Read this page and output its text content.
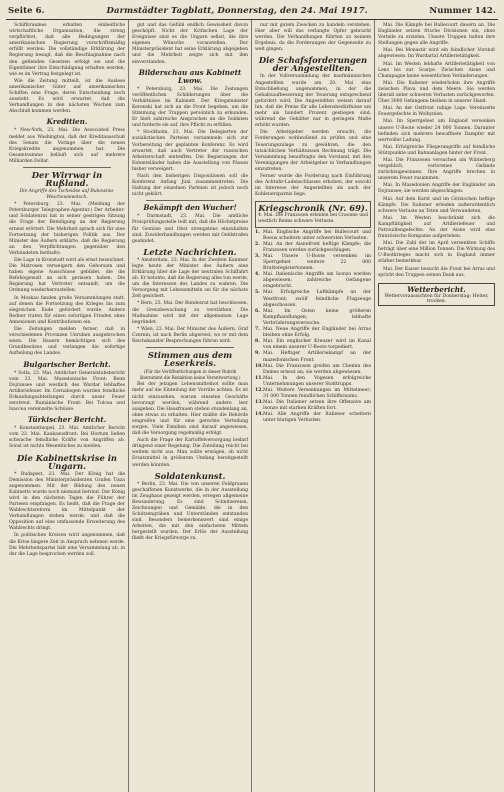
Seite 6.	Darmstädter Tagblatt, Donnerstag, den 24. Mai 1917.	Nummer 142.

Schiffsraumes erhalten einheitliche wirtschaftliche Organisation, die streng verpflichtet, daß alle Bedingungen der amerikanischen Regierung vorschriftsmäßig erfüllt werden. Die vollständige Erklärung der Regierung besagt, daß die Beschlagnahme nach den geltenden Gesetzen erfolgt sei und die Eigentümer ihre Entschädigung erhalten werden, wie es im Vertrag festgelegt ist.

Wie die Zeitung mitteilt, ist die Auslese amerikanischer Güter auf amerikanischen Schiffen eine Frage, deren Entscheidung noch aussteht. Es wird erwartet, daß die Verhandlungen in den nächsten Wochen zum Abschluß kommen werden.

Kreditien.

* New-York, 23. Mai. Die Associated Press meldet aus Washington, daß der Kreditausschuß des Senats die Vorlage über die neuen Kriegskredite angenommen hat. Die Gesamtsumme beläuft sich auf mehrere Milliarden Dollar.

Der Wirrwar in Rußland.

Die Angriffe des Tscheidse auf Bukowina-Weschewiewitsch.

* Petersburg, 23. Mai. (Meldung der Petersburger Telegraphen-Agentur.) Der Arbeiter- und Soldatenrat hat in seiner gestrigen Sitzung die Frage der Beteiligung an der Regierung erneut erörtert. Die Mehrheit sprach sich für eine Fortsetzung der bisherigen Politik aus. Der Minister des Äußern erklärte, daß die Regierung an den Verpflichtungen gegenüber den Verbündeten festhalte.

Die Lage in Kronstadt wird als ernst bezeichnet. Die Matrosen verweigern den Gehorsam und haben eigene Ausschüsse gebildet, die die Befehlsgewalt an sich gerissen haben. Die Regierung hat Vertreter entsandt, um die Ordnung wiederherzustellen.

In Moskau fanden große Versammlungen statt, auf denen die Fortsetzung des Krieges bis zum siegreichen Ende gefordert wurde. Andere Redner traten für einen sofortigen Frieden ohne Annexionen und Kontributionen ein.

Die Zeitungen melden ferner, daß in verschiedenen Provinzen Unruhen ausgebrochen seien. Die Bauern bemächtigen sich des Grundbesitzes und verlangen die sofortige Aufteilung des Landes.

Bulgarischer Bericht.

* Sofia, 23. Mai. Amtlicher Generalstabsbericht vom 23. Mai. Mazedonische Front: Beim Dojransee und westlich des Wardar lebhaftes Artilleriefeuer. Im Cernabogen wurden feindliche Erkundungsabteilungen durch unser Feuer zerstreut. Rumänische Front: Bei Tulcea und Isaccea vereinzelte Schüsse.

Türkischer Bericht.

* Konstantinopel, 23. Mai. Amtlicher Bericht vom 22. Mai. Kaukasusfront: Bei Hortum ließen schwache feindliche Kräfte von Angriffen ab. Sonst ist nichts Wesentliches zu melden.

Die Kabinettskrise in Ungarn.

* Budapest, 23. Mai. Der König hat die Demission des Ministerpräsidenten Grafen Tisza angenommen. Mit der Bildung des neuen Kabinetts wurde noch niemand betraut. Der König wird in den nächsten Tagen die Führer der Parteien empfangen. Es heißt, daß die Frage der Wahlrechtsreform im Mittelpunkt der Verhandlungen stehen werde, und daß die Opposition auf eine umfassende Erweiterung des Wahlrechts dringt.

In politischen Kreisen wird angenommen, daß die Krise längere Zeit in Anspruch nehmen werde. Die Mehrheitspartei hält eine Versammlung ab, in der die Lage besprochen werden soll.

gut und das Gefühl endlich Gewissheit davon geschöpft. Nicht der Kritischen Lage der Ereignisse sind es die Ungarn selbst, die ihre eigenen Wünsche voranstellen. Der Ministerpräsident hat seine Erklärung abgegeben und die Mehrheit zeigte sich mit ihm einverstanden.

Bilderschau aus Kabinett Lwow.

* Petersburg, 23. Mai. Die Zeitungen veröffentlichen Schilderungen über die Verhältnisse im Kabinett. Der Kriegsminister Kerenski hat sich an die Front begeben, um die Stimmung der Truppen persönlich zu erkunden. Er hielt zahlreiche Ansprachen an die Soldaten und forderte sie auf, ihre Pflicht zu erfüllen.

* Stockholm, 23. Mai. Die Delegierten der sozialistischen Parteien versammeln sich zur Vorbereitung der geplanten Konferenz. Es wird erwartet, daß auch Vertreter der russischen Arbeiterschaft eintreffen. Die Regierungen der Ententeländer haben die Ausstellung von Pässen bisher verweigert.

Nach den bisherigen Dispositionen soll die Konferenz Anfang Juni zusammentreten. Die Haltung der einzelnen Parteien ist jedoch noch nicht geklärt.

Bekämpft den Wucher!

* Darmstadt, 23. Mai. Die amtliche Preisprüfungsstelle teilt mit, daß die Höchstpreise für Gemüse und Obst strengstens einzuhalten sind. Zuwiderhandlungen werden mit Geldstrafen geahndet.

Letzte Nachrichten.

* Amsterdam, 23. Mai. In der Zweiten Kammer legte heute der Minister des Äußern eine Erklärung über die Lage der neutralen Schiffahrt ab. Er betonte, daß die Regierung alles tun werde, um die Interessen des Landes zu wahren. Die Versorgung mit Lebensmitteln sei für die nächste Zeit gesichert.

* Bern, 23. Mai. Der Bundesrat hat beschlossen, die Grenzbewachung zu verstärken. Die Maßnahme wird mit der allgemeinen Lage begründet.

* Wien, 23. Mai. Der Minister des Äußern, Graf Czernin, ist nach Berlin abgereist, wo er mit dem Reichskanzler Besprechungen führen wird.

Stimmen aus dem Leserkreis.

(Für die Veröffentlichungen in dieser Rubrik übernimmt die Redaktion keine Verantwortung.)

Bei der jetzigen Lebensmittelnot sollte man mehr auf die Einteilung der Vorräte achten. Es ist nicht einzusehen, warum einzelne Geschäfte bevorzugt werden, während andere leer ausgehen. Die Hausfrauen stehen stundenlang an, ohne etwas zu erhalten. Hier müßte die Behörde eingreifen und für eine gerechte Verteilung sorgen. Viele Familien sind darauf angewiesen, daß die Versorgung regelmäßig erfolgt.

Auch die Frage der Kartoffelversorgung bedarf dringend einer Regelung. Die Zuteilung reicht bei weitem nicht aus. Man sollte erwägen, ob nicht Ersatzmittel in größerem Umfang bereitgestellt werden könnten.

Soldatenkunst.

* Berlin, 23. Mai. Die von unseren Feldgrauen geschaffenen Kunstwerke, die in der Ausstellung im Zeughaus gezeigt werden, erregen allgemeine Bewunderung. Es sind Schnitzereien, Zeichnungen und Gemälde, die in den Schützengräben und Unterständen entstanden sind. Besonders bemerkenswert sind einige Arbeiten, die mit den einfachsten Mitteln hergestellt wurden. Der Erlös der Ausstellung fließt der Kriegsfürsorge zu.

nur mit gutem Zwecken zu handeln verstehen. Hier aber will das verlangte Opfer gebracht werden. Die Verhandlungen führten zu keinem Ergebnis, da die Forderungen der Gegenseite zu weit gingen.

Die Schafsforderungen der Angestellten.

In der Vollversammlung der kaufmännischen Angestellten wurde am 20. Mai eine Entschließung angenommen, in der die Gehaltsaufbesserung der Teuerung entsprechend gefordert wird. Die Angestellten weisen darauf hin, daß die Preise für alle Lebensbedürfnisse um mehr als hundert Prozent gestiegen sind, während die Gehälter nur in geringem Maße erhöht wurden.

Die Arbeitgeber werden ersucht, die Forderungen wohlwollend zu prüfen und eine Teuerungszulage zu gewähren, die den tatsächlichen Verhältnissen Rechnung trägt. Die Versammlung beauftragte den Vorstand, mit den Vereinigungen der Arbeitgeber in Verhandlungen einzutreten.

Ferner wurde die Forderung nach Einführung des Achtuhr-Ladenschlusses erhoben, der sowohl im Interesse der Angestellten als auch der Kohlenersparnis liege.

Kriegschronik (Nr. 69).

4. Mai. Die Franzosen erleiden bei Craonne und westlich Reims schwere Verluste.

1. Mai. Englische Angriffe bei Bullecourt und Roeux scheitern unter schwersten Verlusten.
2. Mai. An der Aisnefront heftige Kämpfe; die Franzosen werden zurückgeschlagen.
3. Mai. Unsere U-Boote versenken im Sperrgebiet weitere 22 000 Bruttoregistertonnen.
4. Mai. Italienische Angriffe am Isonzo werden abgewiesen; zahlreiche Gefangene eingebracht.
5. Mai. Erfolgreiche Luftkämpfe an der Westfront; zwölf feindliche Flugzeuge abgeschossen.
6. Mai. Im Osten keine größeren Kampfhandlungen; lebhafte Verbrüderungsversuche.
7. Mai. Neue Angriffe der Engländer bei Arras bleiben ohne Erfolg.
8. Mai. Ein englischer Kreuzer wird im Kanal von einem unserer U-Boote torpediert.
9. Mai. Heftiger Artilleriekampf an der mazedonischen Front.
10. Mai. Die Franzosen greifen am Chemin des Dames erneut an; sie werden abgewiesen.
11. Mai. In den Vogesen erfolgreiche Unternehmungen unserer Stoßtrupps.
12. Mai. Weitere Versenkungen im Mittelmeer; 31 000 Tonnen feindlichen Schiffsraums.
13. Mai. Die Italiener setzen ihre Offensive am Isonzo mit starken Kräften fort.
14. Mai. Alle Angriffe der Italiener scheitern unter blutigen Verlusten.

Mai. Die Kämpfe bei Bullecourt dauern an. Die Engländer setzen frische Divisionen ein, ohne Vorteile zu erzielen. Unsere Truppen halten ihre Stellungen gegen alle Angriffe.

Mai. Bei Monastir wird ein feindlicher Vorstoß abgewiesen. Im Wardartal Artillerietätigkeit.

Mai. Im Westen lebhafte Artillerietätigkeit von Lens bis zur Scarpe. Zwischen Aisne und Champagne keine wesentlichen Veränderungen.

Mai. Die Italiener wiederholen ihre Angriffe zwischen Plava und dem Meere. Sie werden überall unter schweren Verlusten zurückgeworfen. Über 3000 Gefangene bleiben in unserer Hand.

Mai. An der Ostfront ruhige Lage. Vereinzelte Feuergefechte in Wolhynien.

Mai. Im Sperrgebiet um England versenken unsere U-Boote wieder 24 000 Tonnen. Darunter befinden sich mehrere bewaffnete Dampfer mit wertvoller Ladung.

Mai. Erfolgreiche Fliegerangriffe auf feindliche Stützpunkte und Bahnanlagen hinter der Front.

Mai. Die Franzosen versuchen am Winterberg vergeblich, verlorenes Gelände zurückzugewinnen. Ihre Angriffe brechen in unserem Feuer zusammen.

Mai. In Mazedonien Angriffe der Engländer am Dojransee; sie werden abgeschlagen.

Mai. Auf dem Karst und im Görzischen heftige Kämpfe. Die Italiener erleiden außerordentlich schwere Verluste an Toten und Verwundeten.

Mai. Im Westen beschränkt sich die Kampftätigkeit auf Artilleriefeuer und Patrouillengefechte. An der Aisne wird eine französische Kompanie aufgerieben.

Mai. Die Zahl der im April versenkten Schiffe beträgt über eine Million Tonnen. Die Wirkung des U-Bootkrieges macht sich in England immer stärker bemerkbar.

Mai. Der Kaiser besucht die Front bei Arras und spricht den Truppen seinen Dank aus.

Wetterbericht.
Wettervoraussichten für Donnerstag: Heiter, trocken.
